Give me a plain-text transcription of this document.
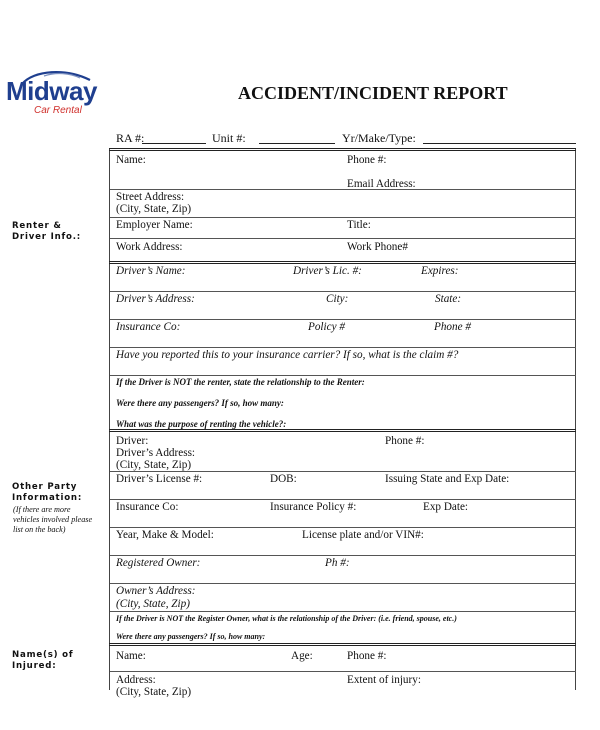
Midway
Car Rental
ACCIDENT/INCIDENT REPORT
RA #:	Unit #:	Yr/Make/Type:
Renter &
Driver Info.:
Other Party
Information:
(If there are more
vehicles involved please
list on the back)
Name(s) of
Injured:
Name:	Phone #:
Email Address:
Street Address:
(City, State, Zip)
Employer Name:	Title:
Work Address:	Work Phone#
Driver’s Name:	Driver’s Lic. #:	Expires:
Driver’s Address:	City:	State:
Insurance Co:	Policy #	Phone #
Have you reported this to your insurance carrier? If so, what is the claim #?
If the Driver is NOT the renter, state the relationship to the Renter:
Were there any passengers? If so, how many:
What was the purpose of renting the vehicle?:
Driver:	Phone #:
Driver’s Address:
(City, State, Zip)
Driver’s License #:	DOB:	Issuing State and Exp Date:
Insurance Co:	Insurance Policy #:	Exp Date:
Year, Make & Model:	License plate and/or VIN#:
Registered Owner:	Ph #:
Owner’s Address:
(City, State, Zip)
If the Driver is NOT the Register Owner, what is the relationship of the Driver: (i.e. friend, spouse, etc.)
Were there any passengers? If so, how many:
Name:	Age:	Phone #:
Address:	Extent of injury:
(City, State, Zip)
